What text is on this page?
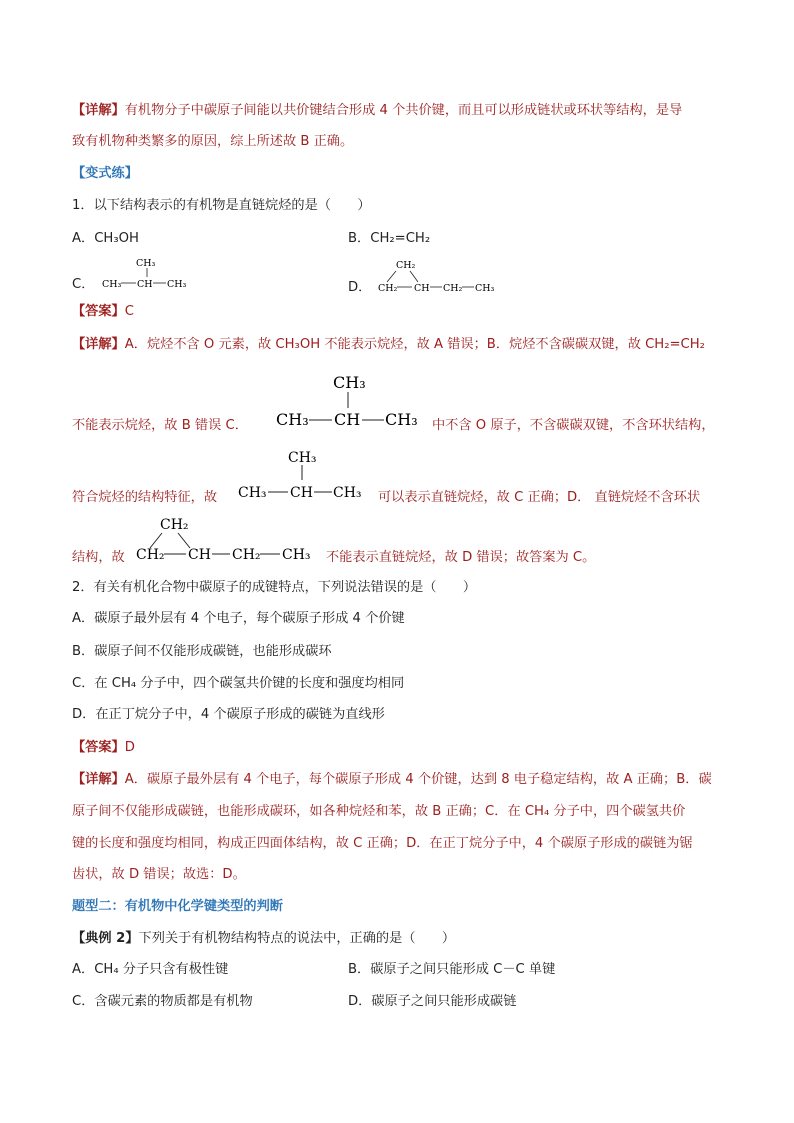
【详解】有机物分子中碳原子间能以共价键结合形成 4 个共价键，而且可以形成链状或环状等结构，是导
致有机物种类繁多的原因，综上所述故 B 正确。
【变式练】
1．以下结构表示的有机物是直链烷烃的是（　　）
A．CH₃OH	B．CH₂=CH₂
C．
CH₃
CH₃ CH CH₃	D．
CH₂
CH₂ CH CH₂ CH₃
【答案】C
【详解】A．烷烃不含 O 元素，故 CH₃OH 不能表示烷烃，故 A 错误；B．烷烃不含碳碳双键，故 CH₂=CH₂
CH₃
CH₃ CH CH₃
不能表示烷烃，故 B 错误 C．	中不含 O 原子，不含碳碳双键，不含环状结构，
CH₃
CH₃ CH CH₃
符合烷烃的结构特征，故	可以表示直链烷烃，故 C 正确；D． 直链烷烃不含环状
CH₂
CH₂ CH CH₂ CH₃
结构，故	不能表示直链烷烃，故 D 错误；故答案为 C。
2．有关有机化合物中碳原子的成键特点，下列说法错误的是（　　）
A．碳原子最外层有 4 个电子，每个碳原子形成 4 个价键
B．碳原子间不仅能形成碳链，也能形成碳环
C．在 CH₄ 分子中，四个碳氢共价键的长度和强度均相同
D．在正丁烷分子中，4 个碳原子形成的碳链为直线形
【答案】D
【详解】A．碳原子最外层有 4 个电子，每个碳原子形成 4 个价键，达到 8 电子稳定结构，故 A 正确；B．碳
原子间不仅能形成碳链，也能形成碳环，如各种烷烃和苯，故 B 正确；C．在 CH₄ 分子中，四个碳氢共价
键的长度和强度均相同，构成正四面体结构，故 C 正确；D．在正丁烷分子中，4 个碳原子形成的碳链为锯
齿状，故 D 错误；故选：D。
题型二：有机物中化学键类型的判断
【典例 2】下列关于有机物结构特点的说法中，正确的是（　　）
A．CH₄ 分子只含有极性键	B．碳原子之间只能形成 C－C 单键
C．含碳元素的物质都是有机物	D．碳原子之间只能形成碳链
